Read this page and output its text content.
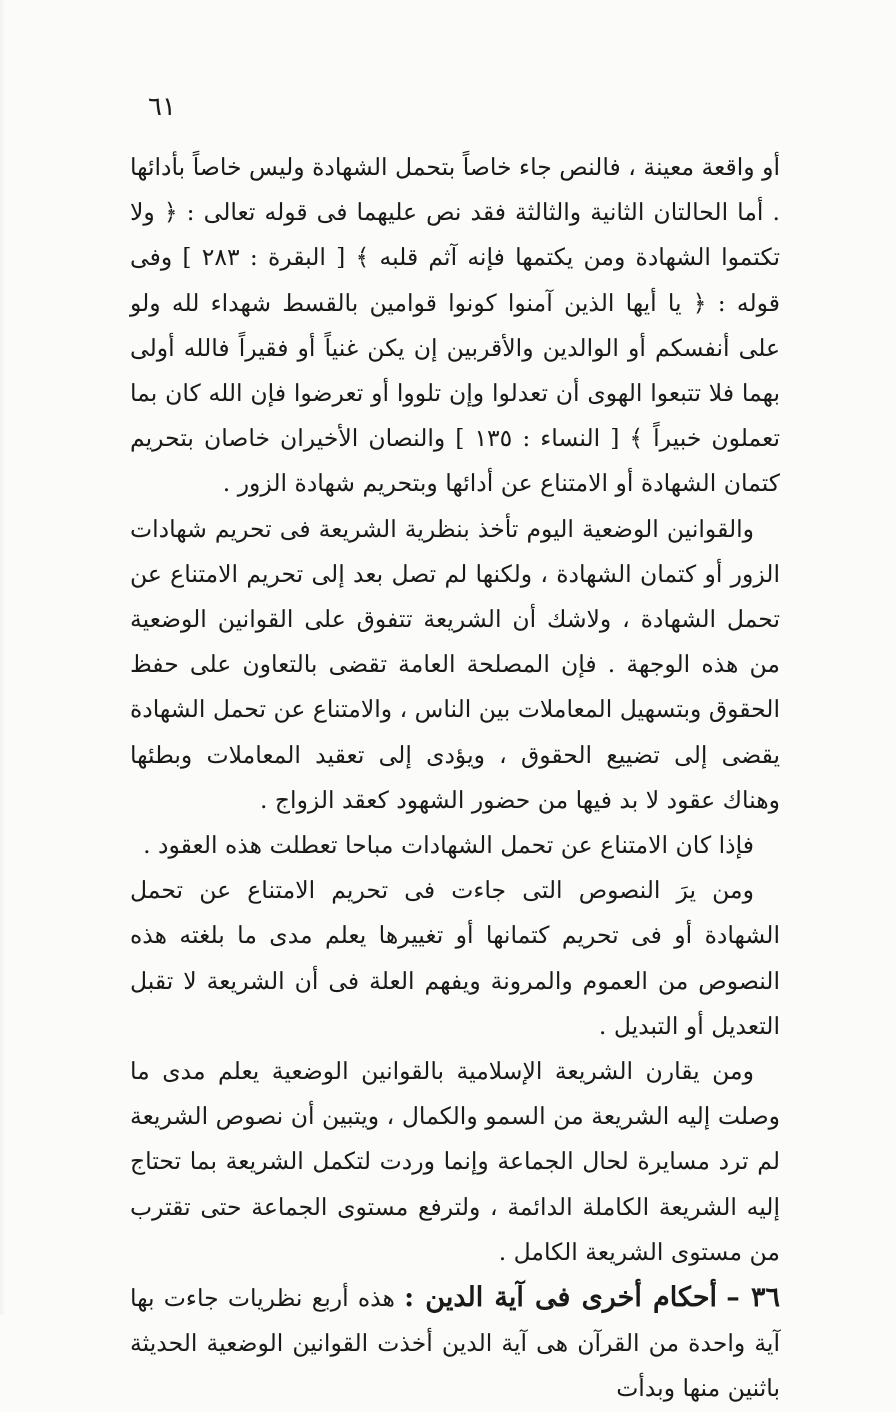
٦١

أو واقعة معينة ، فالنص جاء خاصاً بتحمل الشهادة وليس خاصاً بأدائها . أما الحالتان الثانية والثالثة فقد نص عليهما فى قوله تعالى : ﴿ ولا تكتموا الشهادة ومن يكتمها فإنه آثم قلبه ﴾ [ البقرة : ٢٨٣ ] وفى قوله : ﴿ يا أيها الذين آمنوا كونوا قوامين بالقسط شهداء لله ولو على أنفسكم أو الوالدين والأقربين إن يكن غنياً أو فقيراً فالله أولى بهما فلا تتبعوا الهوى أن تعدلوا وإن تلووا أو تعرضوا فإن الله كان بما تعملون خبيراً ﴾ [ النساء : ١٣٥ ] والنصان الأخيران خاصان بتحريم كتمان الشهادة أو الامتناع عن أدائها وبتحريم شهادة الزور .

والقوانين الوضعية اليوم تأخذ بنظرية الشريعة فى تحريم شهادات الزور أو كتمان الشهادة ، ولكنها لم تصل بعد إلى تحريم الامتناع عن تحمل الشهادة ، ولاشك أن الشريعة تتفوق على القوانين الوضعية من هذه الوجهة . فإن المصلحة العامة تقضى بالتعاون على حفظ الحقوق وبتسهيل المعاملات بين الناس ، والامتناع عن تحمل الشهادة يقضى إلى تضييع الحقوق ، ويؤدى إلى تعقيد المعاملات وبطئها وهناك عقود لا بد فيها من حضور الشهود كعقد الزواج .

فإذا كان الامتناع عن تحمل الشهادات مباحا تعطلت هذه العقود .

ومن يرَ النصوص التى جاءت فى تحريم الامتناع عن تحمل الشهادة أو فى تحريم كتمانها أو تغييرها يعلم مدى ما بلغته هذه النصوص من العموم والمرونة ويفهم العلة فى أن الشريعة لا تقبل التعديل أو التبديل .

ومن يقارن الشريعة الإسلامية بالقوانين الوضعية يعلم مدى ما وصلت إليه الشريعة من السمو والكمال ، ويتبين أن نصوص الشريعة لم ترد مسايرة لحال الجماعة وإنما وردت لتكمل الشريعة بما تحتاج إليه الشريعة الكاملة الدائمة ، ولترفع مستوى الجماعة حتى تقترب من مستوى الشريعة الكامل .

٣٦ – أحكام أخرى فى آية الدين : هذه أربع نظريات جاءت بها آية واحدة من القرآن هى آية الدين أخذت القوانين الوضعية الحديثة باثنين منها وبدأت
